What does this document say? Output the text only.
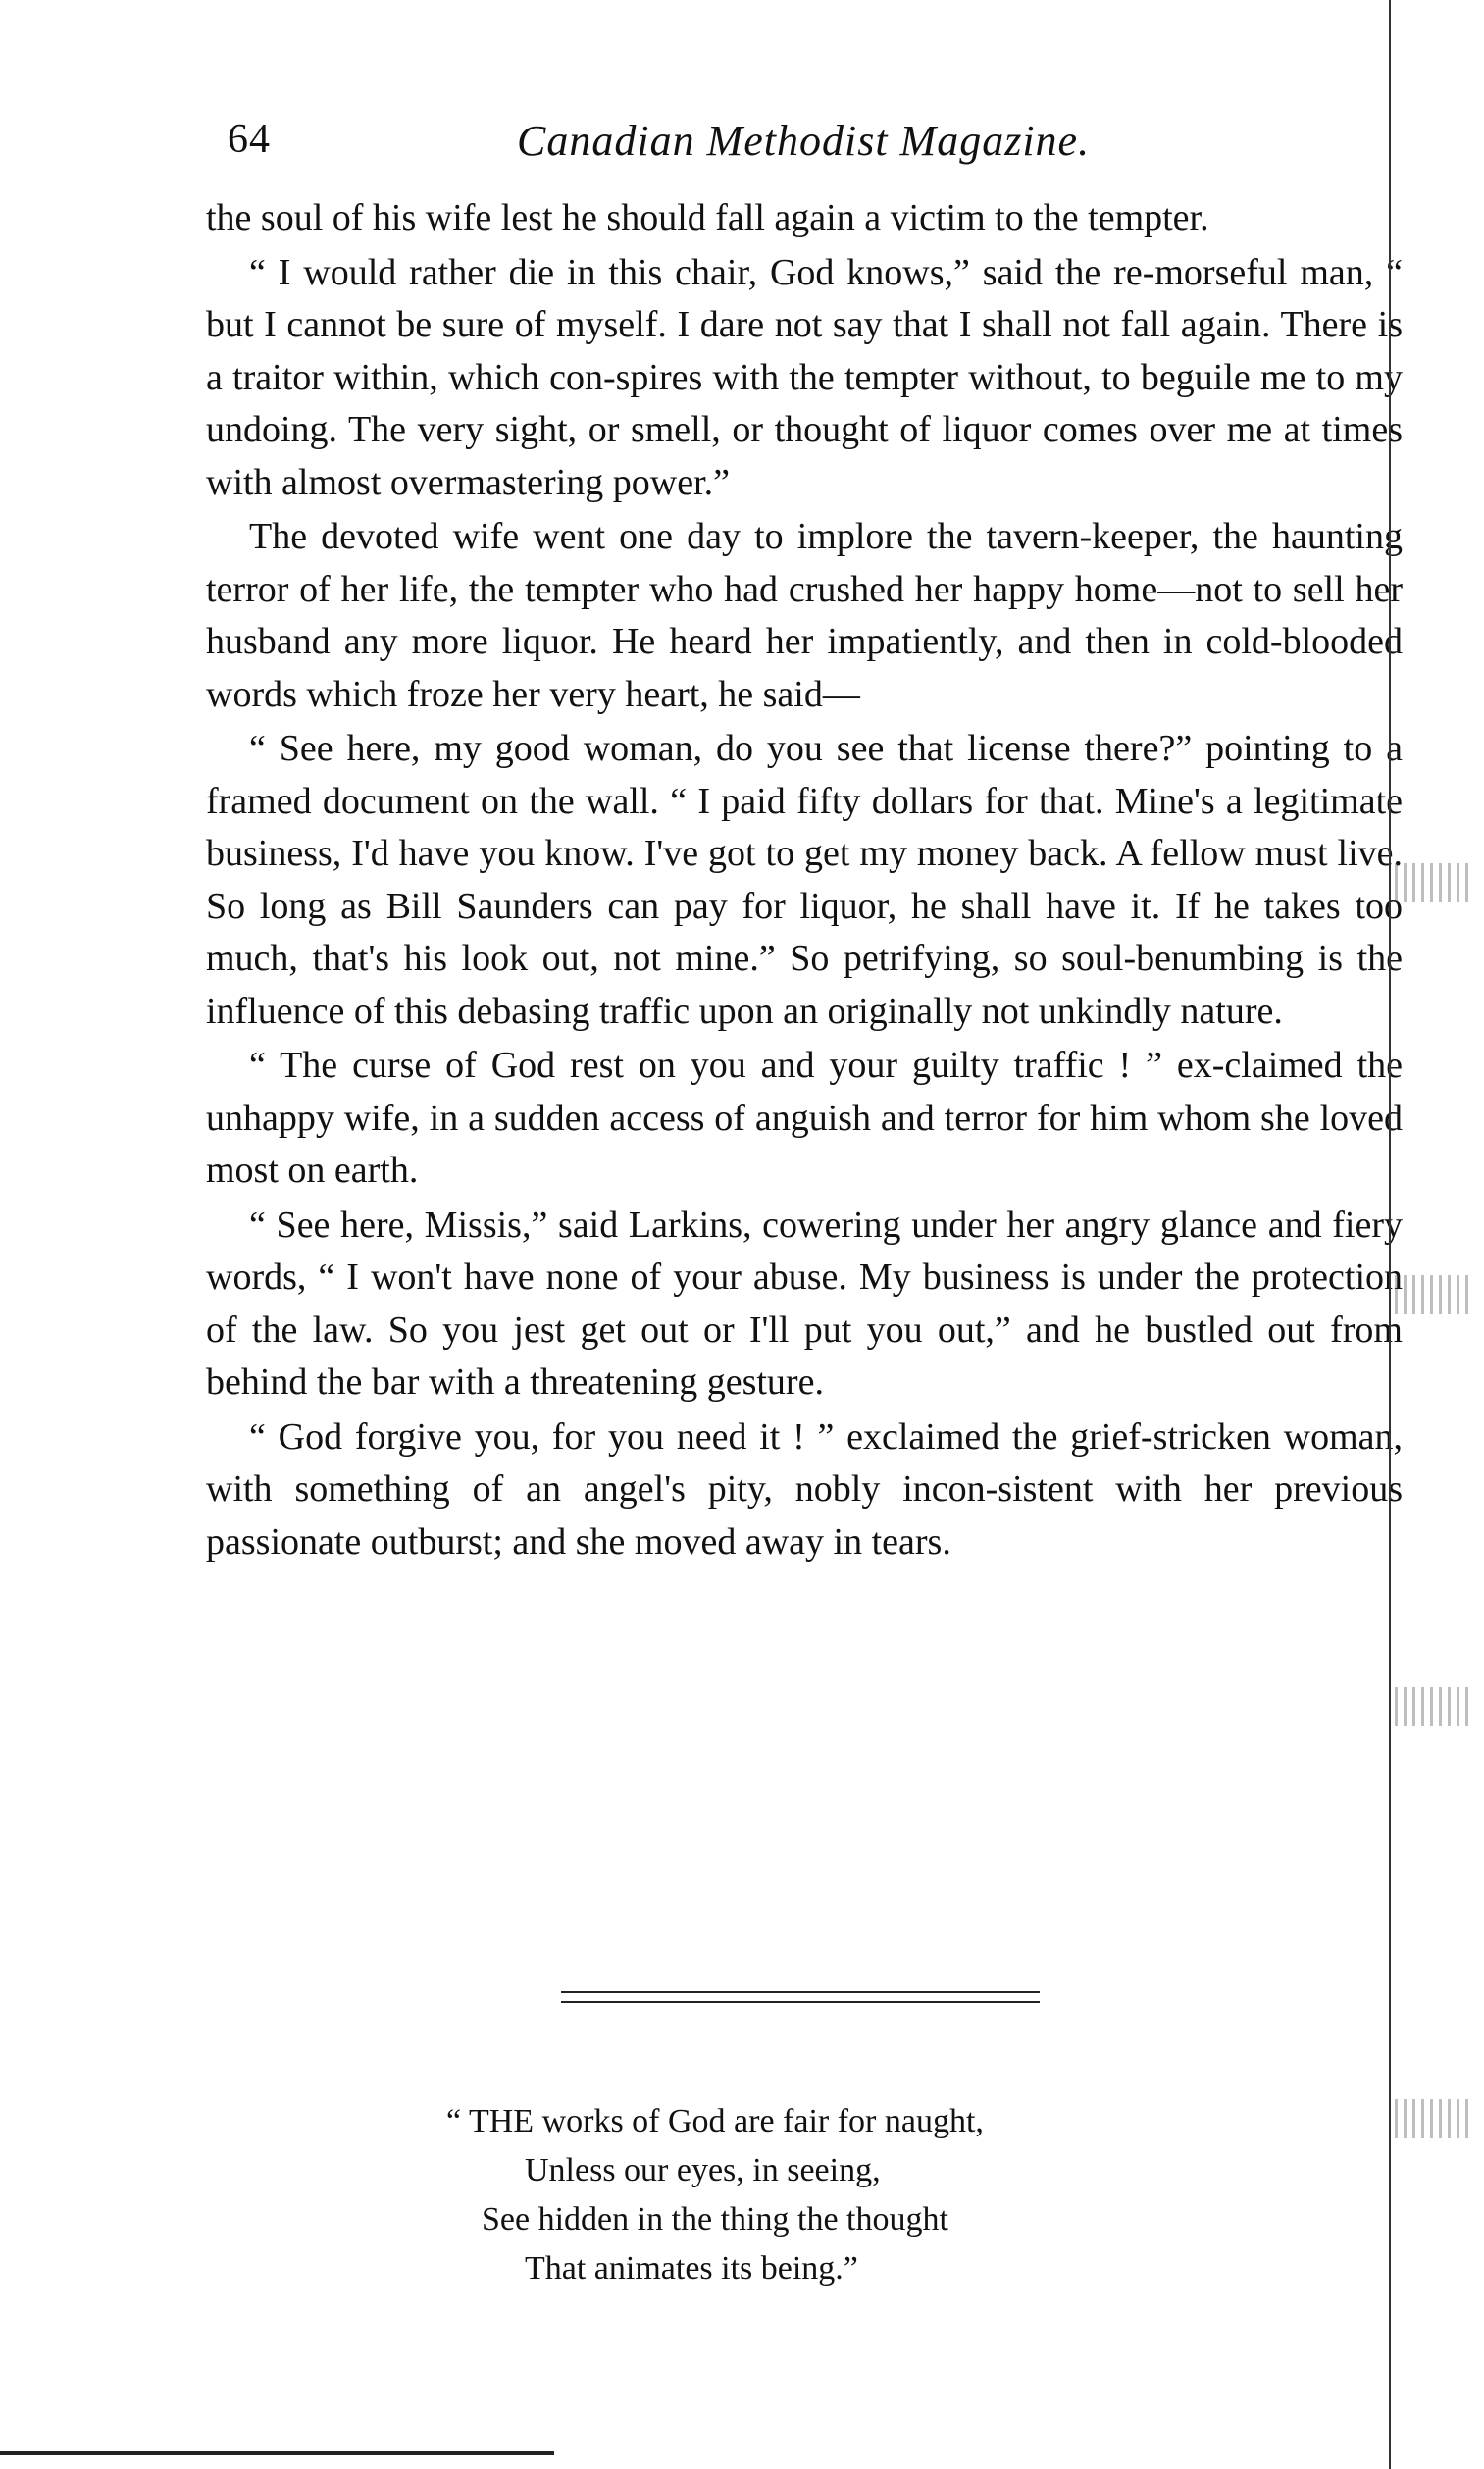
64	Canadian Methodist Magazine.

the soul of his wife lest he should fall again a victim to the tempter.

“ I would rather die in this chair, God knows,” said the re-morseful man, “ but I cannot be sure of myself. I dare not say that I shall not fall again. There is a traitor within, which con-spires with the tempter without, to beguile me to my undoing. The very sight, or smell, or thought of liquor comes over me at times with almost overmastering power.”

The devoted wife went one day to implore the tavern-keeper, the haunting terror of her life, the tempter who had crushed her happy home—not to sell her husband any more liquor. He heard her impatiently, and then in cold-blooded words which froze her very heart, he said—

“ See here, my good woman, do you see that license there?” pointing to a framed document on the wall. “ I paid fifty dollars for that. Mine's a legitimate business, I'd have you know. I've got to get my money back. A fellow must live. So long as Bill Saunders can pay for liquor, he shall have it. If he takes too much, that's his look out, not mine.” So petrifying, so soul-benumbing is the influence of this debasing traffic upon an originally not unkindly nature.

“ The curse of God rest on you and your guilty traffic ! ” ex-claimed the unhappy wife, in a sudden access of anguish and terror for him whom she loved most on earth.

“ See here, Missis,” said Larkins, cowering under her angry glance and fiery words, “ I won't have none of your abuse. My business is under the protection of the law. So you jest get out or I'll put you out,” and he bustled out from behind the bar with a threatening gesture.

“ God forgive you, for you need it ! ” exclaimed the grief-stricken woman, with something of an angel's pity, nobly incon-sistent with her previous passionate outburst; and she moved away in tears.

“ THE works of God are fair for naught,
Unless our eyes, in seeing,
See hidden in the thing the thought
That animates its being.”
